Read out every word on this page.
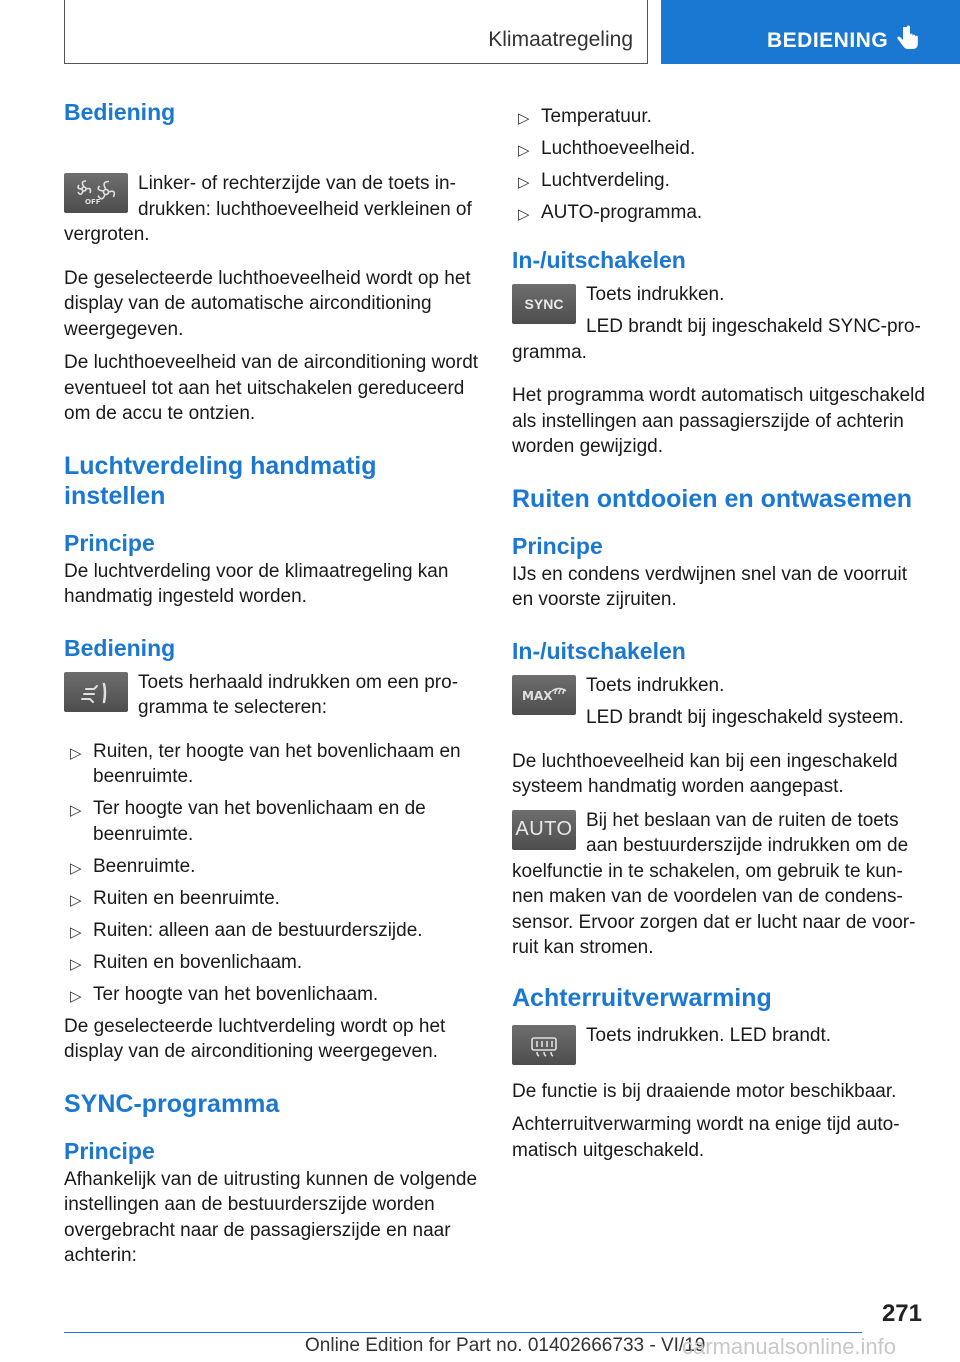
Klimaatregeling	BEDIENING
Bediening
OFF

Linker- of rechterzijde van de toets indrukken: luchthoeveelheid verkleinen of vergroten.

De geselecteerde luchthoeveelheid wordt op het display van de automatische airconditioning weergegeven.

De luchthoeveelheid van de airconditioning wordt eventueel tot aan het uitschakelen gereduceerd om de accu te ontzien.

Luchtverdeling handmatig instellen
Principe

De luchtverdeling voor de klimaatregeling kan handmatig ingesteld worden.

Bediening

Toets herhaald indrukken om een programma te selecteren:

▷ Ruiten, ter hoogte van het bovenlichaam en beenruimte.
▷ Ter hoogte van het bovenlichaam en de beenruimte.
▷ Beenruimte.
▷ Ruiten en beenruimte.
▷ Ruiten: alleen aan de bestuurderszijde.
▷ Ruiten en bovenlichaam.
▷ Ter hoogte van het bovenlichaam.

De geselecteerde luchtverdeling wordt op het display van de airconditioning weergegeven.

SYNC-programma
Principe

Afhankelijk van de uitrusting kunnen de volgende instellingen aan de bestuurderszijde worden overgebracht naar de passagierszijde en naar achterin:

▷ Temperatuur.
▷ Luchthoeveelheid.
▷ Luchtverdeling.
▷ AUTO-programma.
In-/uitschakelen
SYNC	Toets indrukken.

LED brandt bij ingeschakeld SYNC-programma.

Het programma wordt automatisch uitgeschakeld als instellingen aan passagierszijde of achterin worden gewijzigd.

Ruiten ontdooien en ontwasemen
Principe

IJs en condens verdwijnen snel van de voorruit en voorste zijruiten.

In-/uitschakelen
MAX	Toets indrukken.

LED brandt bij ingeschakeld systeem.

De luchthoeveelheid kan bij een ingeschakeld systeem handmatig worden aangepast.

AUTO Bij het beslaan van de ruiten de toets aan bestuurderszijde indrukken om de koelfunctie in te schakelen, om gebruik te kunnen maken van de voordelen van de condenssensor. Ervoor zorgen dat er lucht naar de voorruit kan stromen.

Achterruitverwarming

Toets indrukken. LED brandt.

De functie is bij draaiende motor beschikbaar.

Achterruitverwarming wordt na enige tijd automatisch uitgeschakeld.

271
Online Edition for Part no. 01402666733 - VI/19
carmanualsonline.info
